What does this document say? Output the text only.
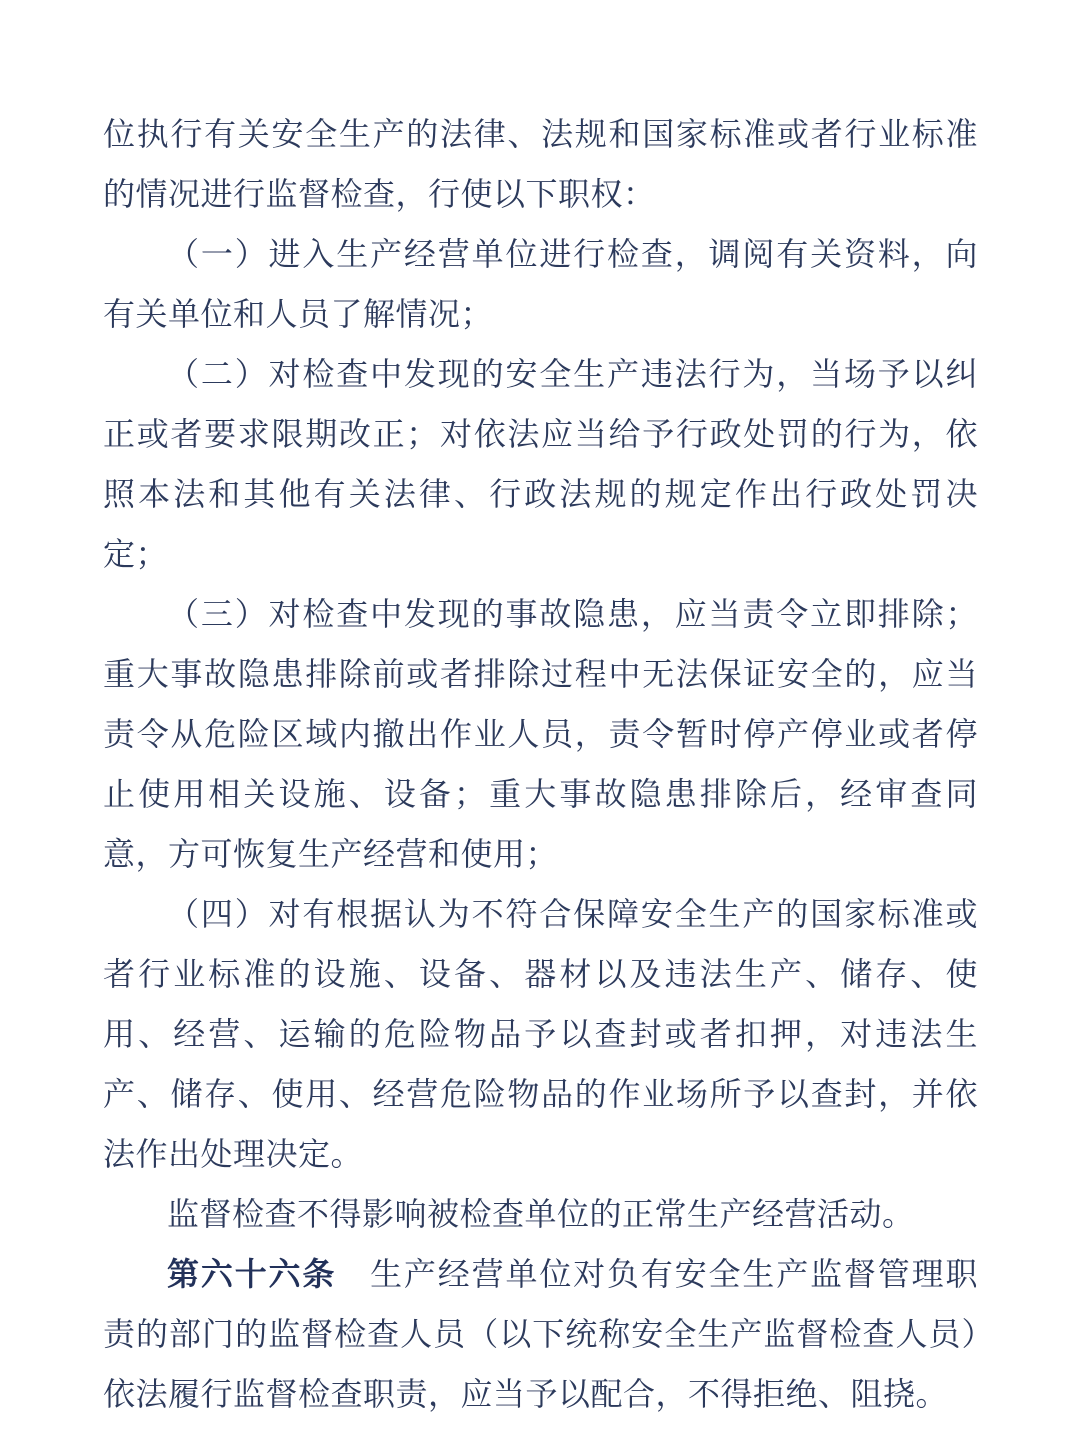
位执行有关安全生产的法律、法规和国家标准或者行业标准的情况进行监督检查，行使以下职权：

（一）进入生产经营单位进行检查，调阅有关资料，向有关单位和人员了解情况；

（二）对检查中发现的安全生产违法行为，当场予以纠正或者要求限期改正；对依法应当给予行政处罚的行为，依照本法和其他有关法律、行政法规的规定作出行政处罚决定；

（三）对检查中发现的事故隐患，应当责令立即排除；重大事故隐患排除前或者排除过程中无法保证安全的，应当责令从危险区域内撤出作业人员，责令暂时停产停业或者停止使用相关设施、设备；重大事故隐患排除后，经审查同意，方可恢复生产经营和使用；

（四）对有根据认为不符合保障安全生产的国家标准或者行业标准的设施、设备、器材以及违法生产、储存、使用、经营、运输的危险物品予以查封或者扣押，对违法生产、储存、使用、经营危险物品的作业场所予以查封，并依法作出处理决定。

监督检查不得影响被检查单位的正常生产经营活动。

第六十六条　生产经营单位对负有安全生产监督管理职责的部门的监督检查人员（以下统称安全生产监督检查人员）依法履行监督检查职责，应当予以配合，不得拒绝、阻挠。
